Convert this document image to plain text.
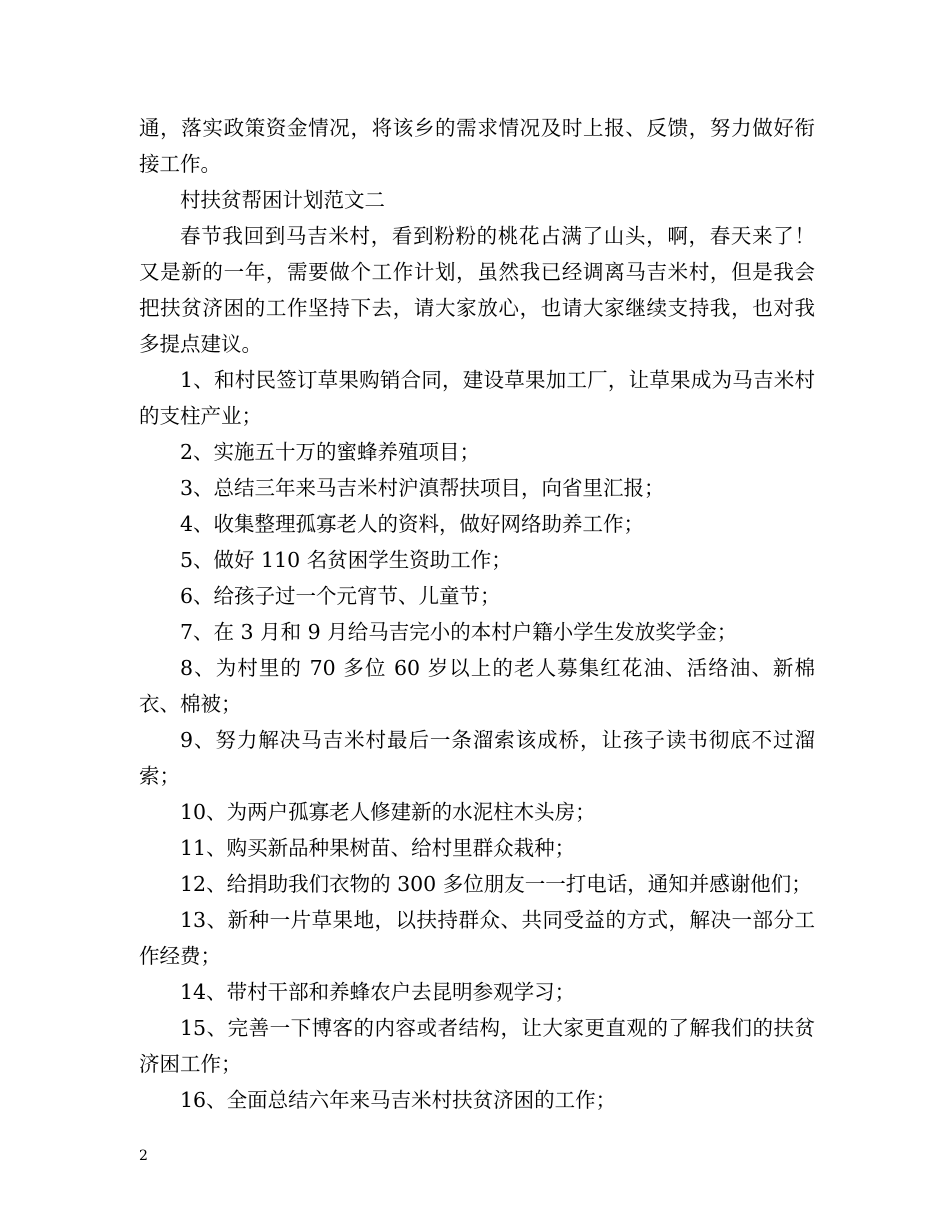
通，落实政策资金情况，将该乡的需求情况及时上报、反馈，努力做好衔接工作。

村扶贫帮困计划范文二

春节我回到马吉米村，看到粉粉的桃花占满了山头，啊，春天来了！又是新的一年，需要做个工作计划，虽然我已经调离马吉米村，但是我会把扶贫济困的工作坚持下去，请大家放心，也请大家继续支持我，也对我多提点建议。

1、和村民签订草果购销合同，建设草果加工厂，让草果成为马吉米村的支柱产业；

2、实施五十万的蜜蜂养殖项目；

3、总结三年来马吉米村沪滇帮扶项目，向省里汇报；

4、收集整理孤寡老人的资料，做好网络助养工作；

5、做好 110 名贫困学生资助工作；

6、给孩子过一个元宵节、儿童节；

7、在 3 月和 9 月给马吉完小的本村户籍小学生发放奖学金；

8、为村里的 70 多位 60 岁以上的老人募集红花油、活络油、新棉衣、棉被；

9、努力解决马吉米村最后一条溜索该成桥，让孩子读书彻底不过溜索；

10、为两户孤寡老人修建新的水泥柱木头房；

11、购买新品种果树苗、给村里群众栽种；

12、给捐助我们衣物的 300 多位朋友一一打电话，通知并感谢他们；

13、新种一片草果地，以扶持群众、共同受益的方式，解决一部分工作经费；

14、带村干部和养蜂农户去昆明参观学习；

15、完善一下博客的内容或者结构，让大家更直观的了解我们的扶贫济困工作；

16、全面总结六年来马吉米村扶贫济困的工作；

2
